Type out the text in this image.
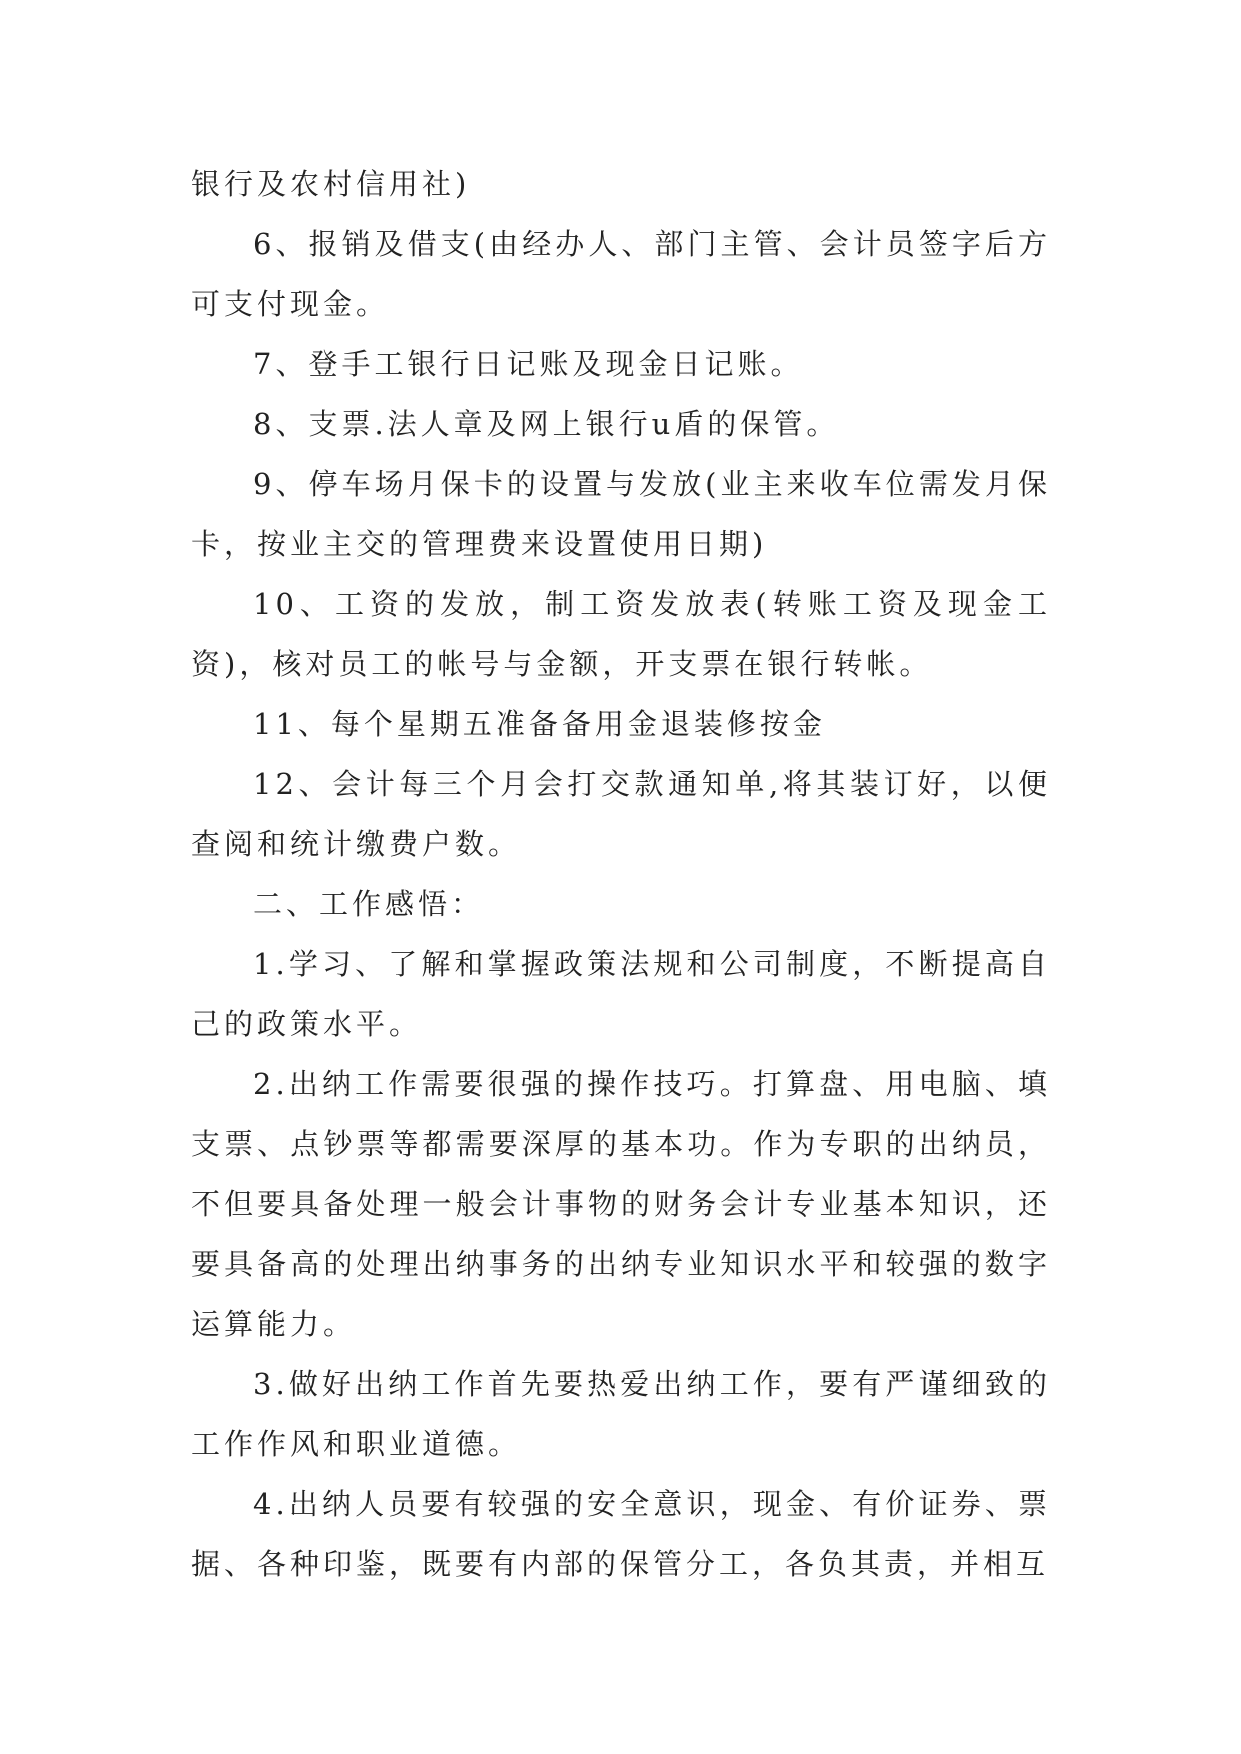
银行及农村信用社)

6、报销及借支(由经办人、部门主管、会计员签字后方可支付现金。

7、登手工银行日记账及现金日记账。

8、支票.法人章及网上银行u盾的保管。

9、停车场月保卡的设置与发放(业主来收车位需发月保卡，按业主交的管理费来设置使用日期)

10、工资的发放，制工资发放表(转账工资及现金工资)，核对员工的帐号与金额，开支票在银行转帐。

11、每个星期五准备备用金退装修按金

12、会计每三个月会打交款通知单,将其装订好，以便查阅和统计缴费户数。

二、工作感悟：

1.学习、了解和掌握政策法规和公司制度，不断提高自己的政策水平。

2.出纳工作需要很强的操作技巧。打算盘、用电脑、填支票、点钞票等都需要深厚的基本功。作为专职的出纳员，不但要具备处理一般会计事物的财务会计专业基本知识，还要具备高的处理出纳事务的出纳专业知识水平和较强的数字运算能力。

3.做好出纳工作首先要热爱出纳工作，要有严谨细致的工作作风和职业道德。

4.出纳人员要有较强的安全意识，现金、有价证券、票据、各种印鉴，既要有内部的保管分工，各负其责，并相互
